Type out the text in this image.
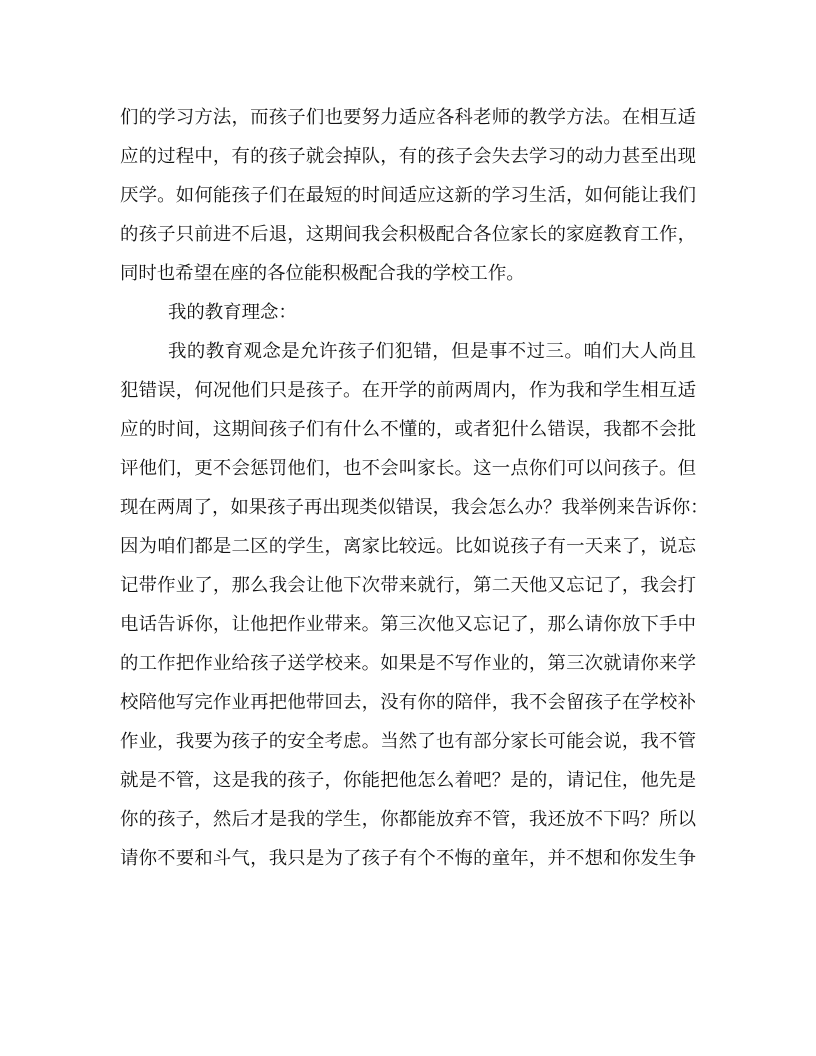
们的学习方法，而孩子们也要努力适应各科老师的教学方法。在相互适
应的过程中，有的孩子就会掉队，有的孩子会失去学习的动力甚至出现
厌学。如何能孩子们在最短的时间适应这新的学习生活，如何能让我们
的孩子只前进不后退，这期间我会积极配合各位家长的家庭教育工作，
同时也希望在座的各位能积极配合我的学校工作。
我的教育理念：
我的教育观念是允许孩子们犯错，但是事不过三。咱们大人尚且
犯错误，何况他们只是孩子。在开学的前两周内，作为我和学生相互适
应的时间，这期间孩子们有什么不懂的，或者犯什么错误，我都不会批
评他们，更不会惩罚他们，也不会叫家长。这一点你们可以问孩子。但
现在两周了，如果孩子再出现类似错误，我会怎么办？我举例来告诉你：
因为咱们都是二区的学生，离家比较远。比如说孩子有一天来了，说忘
记带作业了，那么我会让他下次带来就行，第二天他又忘记了，我会打
电话告诉你，让他把作业带来。第三次他又忘记了，那么请你放下手中
的工作把作业给孩子送学校来。如果是不写作业的，第三次就请你来学
校陪他写完作业再把他带回去，没有你的陪伴，我不会留孩子在学校补
作业，我要为孩子的安全考虑。当然了也有部分家长可能会说，我不管
就是不管，这是我的孩子，你能把他怎么着吧？是的，请记住，他先是
你的孩子，然后才是我的学生，你都能放弃不管，我还放不下吗？所以
请你不要和斗气，我只是为了孩子有个不悔的童年，并不想和你发生争
